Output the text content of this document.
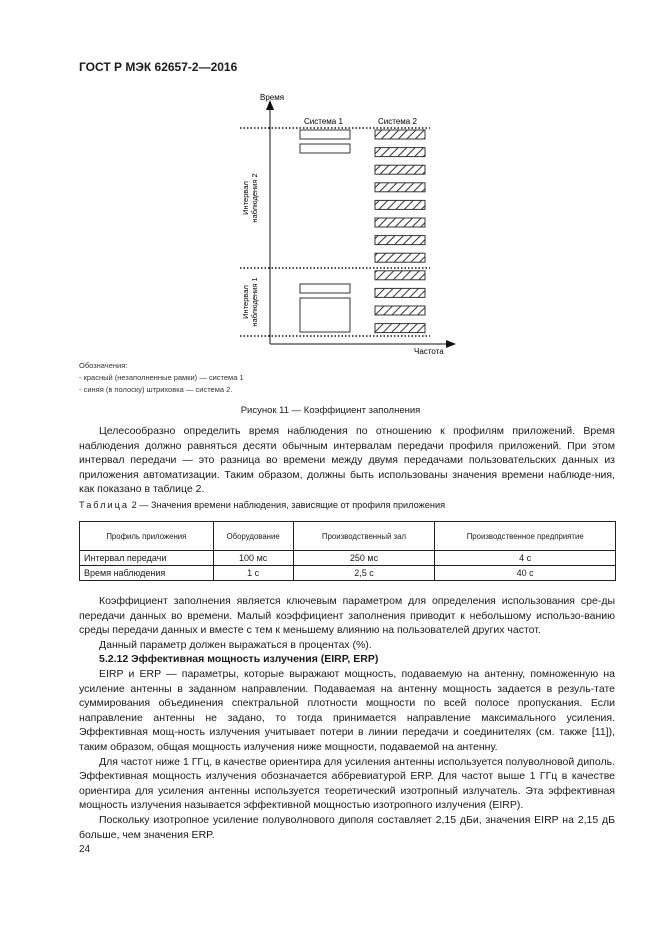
ГОСТ Р МЭК 62657-2—2016
Время
Частота
Система 1	Система 2
Интервал наблюдения 2
Интервал наблюдения 1
Обозначения:
- красный (незаполненные рамки) — система 1
- синяя (в полоску) штриховка — система 2.
Рисунок 11 — Коэффициент заполнения

Целесообразно определить время наблюдения по отношению к профилям приложений. Время наблюдения должно равняться десяти обычным интервалам передачи профиля приложений. При этом интервал передачи — это разница во времени между двумя передачами пользовательских данных из приложения автоматизации. Таким образом, должны быть использованы значения времени наблюде-ния, как показано в таблице 2.

Таблица 2 — Значения времени наблюдения, зависящие от профиля приложения
Профиль приложения	Оборудование	Производственный зал	Производственное предприятие
Интервал передачи	100 мс	250 мс	4 с
Время наблюдения	1 с	2,5 с	40 с

Коэффициент заполнения является ключевым параметром для определения использования сре-ды передачи данных во времени. Малый коэффициент заполнения приводит к небольшому использо-ванию среды передачи данных и вместе с тем к меньшему влиянию на пользователей других частот.

Данный параметр должен выражаться в процентах (%).

5.2.12 Эффективная мощность излучения (EIRP, ERP)

EIRP и ERP — параметры, которые выражают мощность, подаваемую на антенну, помноженную на усиление антенны в заданном направлении. Подаваемая на антенну мощность задается в резуль-тате суммирования объединения спектральной плотности мощности по всей полосе пропускания. Если направление антенны не задано, то тогда принимается направление максимального усиления. Эффективная мощ-ность излучения учитывает потери в линии передачи и соединителях (см. также [11]), таким образом, общая мощность излучения ниже мощности, подаваемой на антенну.

Для частот ниже 1 ГГц, в качестве ориентира для усиления антенны используется полуволновой диполь. Эффективная мощность излучения обозначается аббревиатурой ERP. Для частот выше 1 ГГц в качестве ориентира для усиления антенны используется теоретический изотропный излучатель. Эта эффективная мощность излучения называется эффективной мощностью изотропного излучения (EIRP).

Поскольку изотропное усиление полуволнового диполя составляет 2,15 дБи, значения EIRP на 2,15 дБ больше, чем значения ERP.

24
